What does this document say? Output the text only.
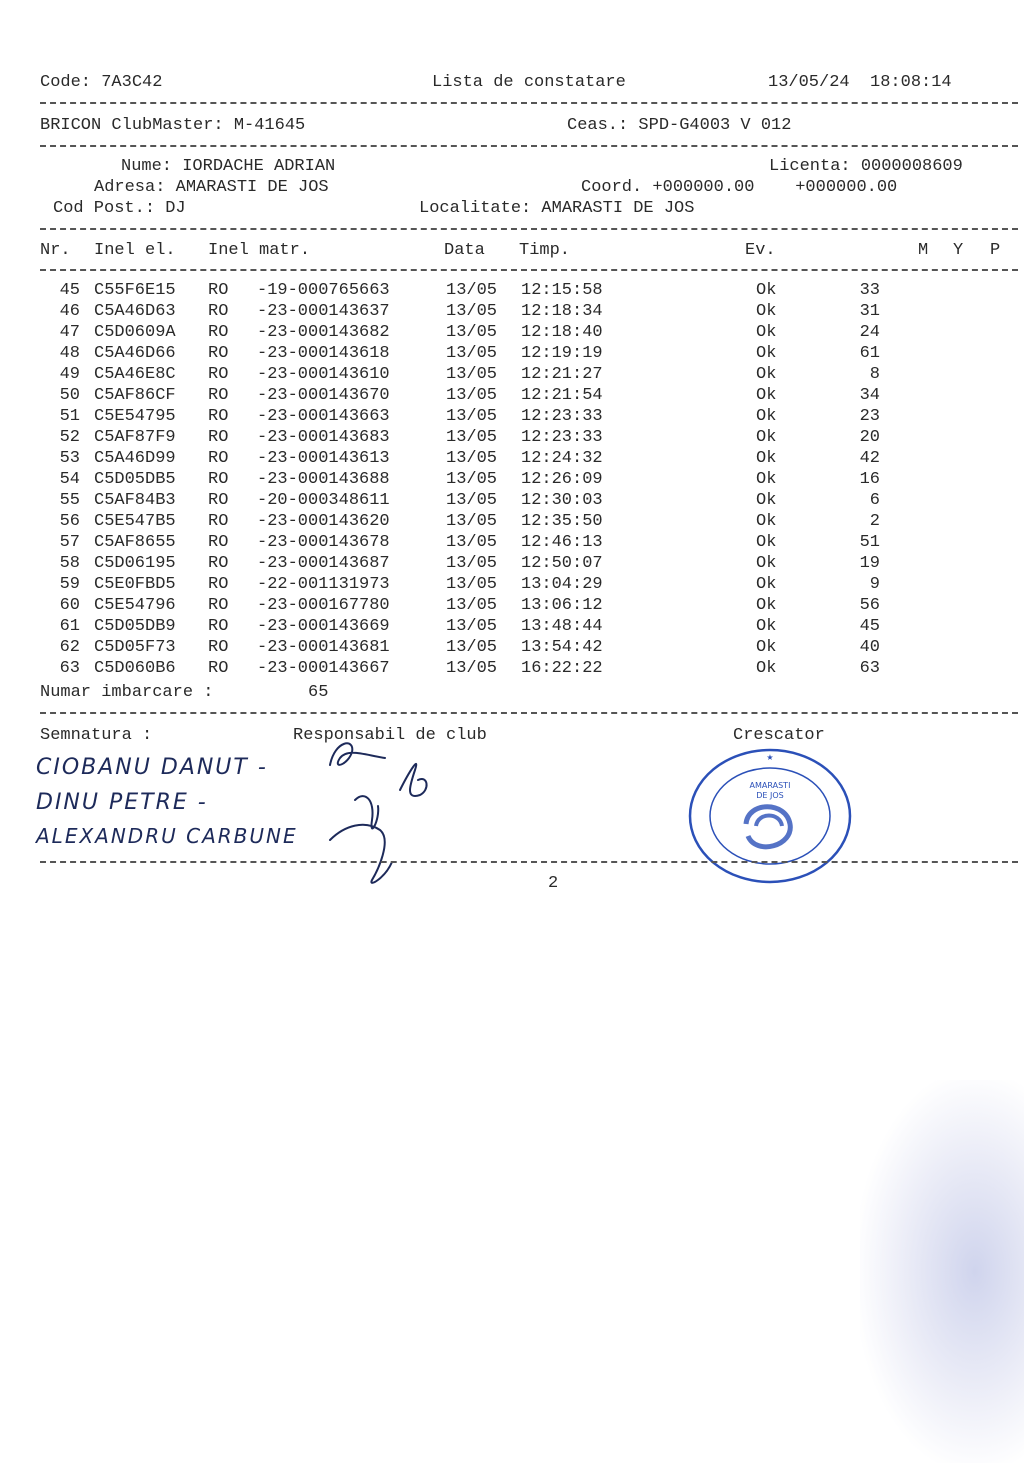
Code: 7A3C42	Lista de constatare	13/05/24  18:08:14
BRICON ClubMaster: M-41645	Ceas.: SPD-G4003 V 012
Nume: IORDACHE ADRIAN	Licenta: 0000008609
Adresa: AMARASTI DE JOS	Coord. +000000.00    +000000.00
Cod Post.: DJ	Localitate: AMARASTI DE JOS
Nr. Inel el. Inel matr.	Data Timp.	Ev.	M Y P
45 C55F6E15 RO -19-000765663	13/05 12:15:58	Ok	33
46 C5A46D63 RO -23-000143637	13/05 12:18:34	Ok	31
47 C5D0609A RO -23-000143682	13/05 12:18:40	Ok	24
48 C5A46D66 RO -23-000143618	13/05 12:19:19	Ok	61
49 C5A46E8C RO -23-000143610	13/05 12:21:27	Ok	8
50 C5AF86CF RO -23-000143670	13/05 12:21:54	Ok	34
51 C5E54795 RO -23-000143663	13/05 12:23:33	Ok	23
52 C5AF87F9 RO -23-000143683	13/05 12:23:33	Ok	20
53 C5A46D99 RO -23-000143613	13/05 12:24:32	Ok	42
54 C5D05DB5 RO -23-000143688	13/05 12:26:09	Ok	16
55 C5AF84B3 RO -20-000348611	13/05 12:30:03	Ok	6
56 C5E547B5 RO -23-000143620	13/05 12:35:50	Ok	2
57 C5AF8655 RO -23-000143678	13/05 12:46:13	Ok	51
58 C5D06195 RO -23-000143687	13/05 12:50:07	Ok	19
59 C5E0FBD5 RO -22-001131973	13/05 13:04:29	Ok	9
60 C5E54796 RO -23-000167780	13/05 13:06:12	Ok	56
61 C5D05DB9 RO -23-000143669	13/05 13:48:44	Ok	45
62 C5D05F73 RO -23-000143681	13/05 13:54:42	Ok	40
63 C5D060B6 RO -23-000143667	13/05 16:22:22	Ok	63
Numar imbarcare :	65
Semnatura :	Responsabil de club	Crescator
CIOBANU DANUT -
DINU PETRE -
ALEXANDRU CARBUNE
AMARASTI
DE JOS
★
2
